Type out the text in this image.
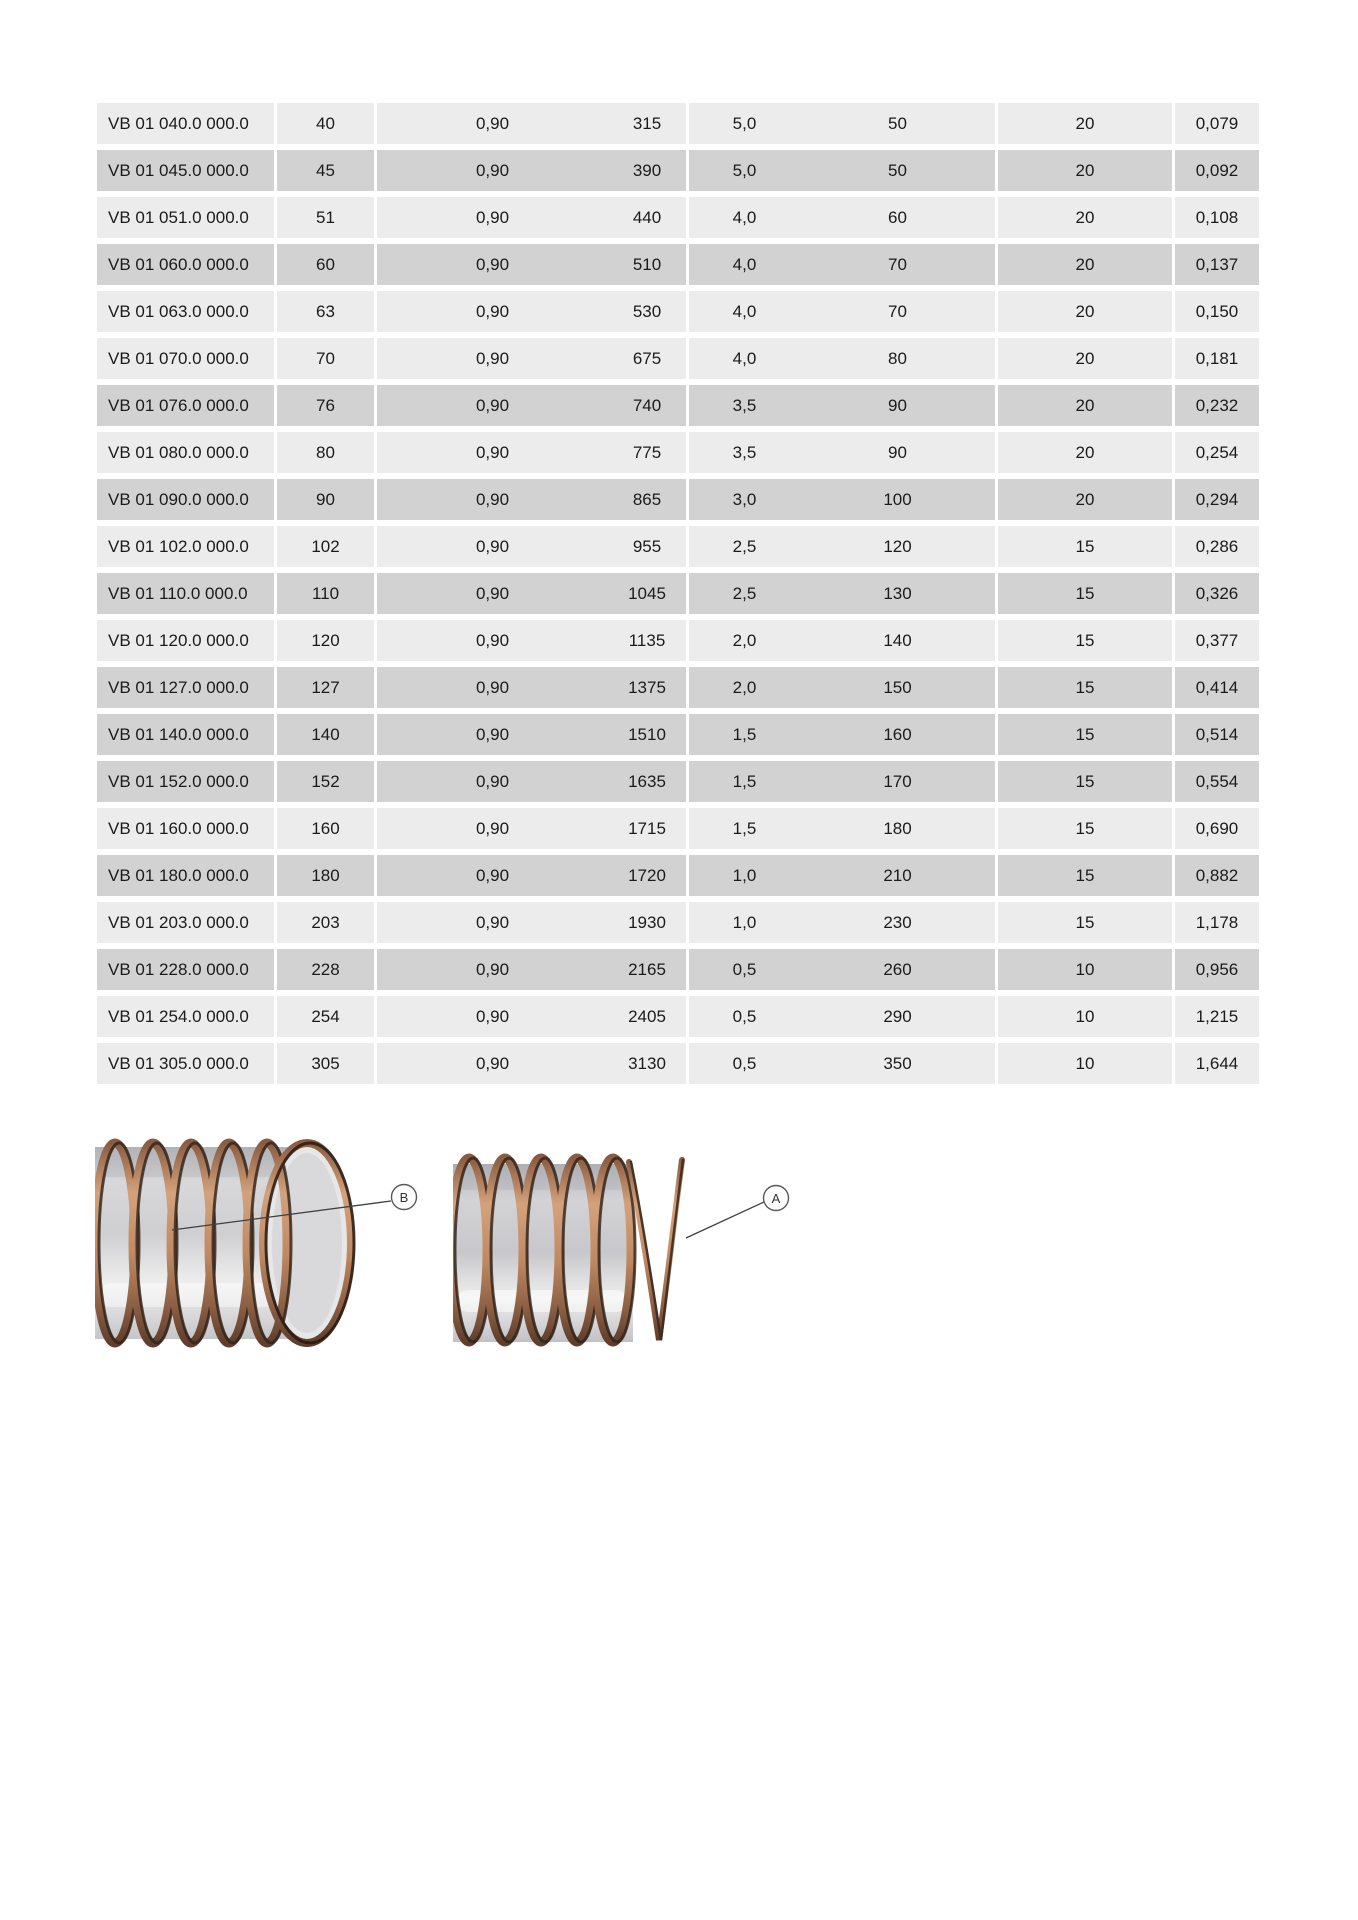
VB 01 040.0 000.0	40	0,90	315	5,0	50	20	0,079
VB 01 045.0 000.0	45	0,90	390	5,0	50	20	0,092
VB 01 051.0 000.0	51	0,90	440	4,0	60	20	0,108
VB 01 060.0 000.0	60	0,90	510	4,0	70	20	0,137
VB 01 063.0 000.0	63	0,90	530	4,0	70	20	0,150
VB 01 070.0 000.0	70	0,90	675	4,0	80	20	0,181
VB 01 076.0 000.0	76	0,90	740	3,5	90	20	0,232
VB 01 080.0 000.0	80	0,90	775	3,5	90	20	0,254
VB 01 090.0 000.0	90	0,90	865	3,0	100	20	0,294
VB 01 102.0 000.0	102	0,90	955	2,5	120	15	0,286
VB 01 110.0 000.0	110	0,90	1045	2,5	130	15	0,326
VB 01 120.0 000.0	120	0,90	1135	2,0	140	15	0,377
VB 01 127.0 000.0	127	0,90	1375	2,0	150	15	0,414
VB 01 140.0 000.0	140	0,90	1510	1,5	160	15	0,514
VB 01 152.0 000.0	152	0,90	1635	1,5	170	15	0,554
VB 01 160.0 000.0	160	0,90	1715	1,5	180	15	0,690
VB 01 180.0 000.0	180	0,90	1720	1,0	210	15	0,882
VB 01 203.0 000.0	203	0,90	1930	1,0	230	15	1,178
VB 01 228.0 000.0	228	0,90	2165	0,5	260	10	0,956
VB 01 254.0 000.0	254	0,90	2405	0,5	290	10	1,215
VB 01 305.0 000.0	305	0,90	3130	0,5	350	10	1,644
B	A
